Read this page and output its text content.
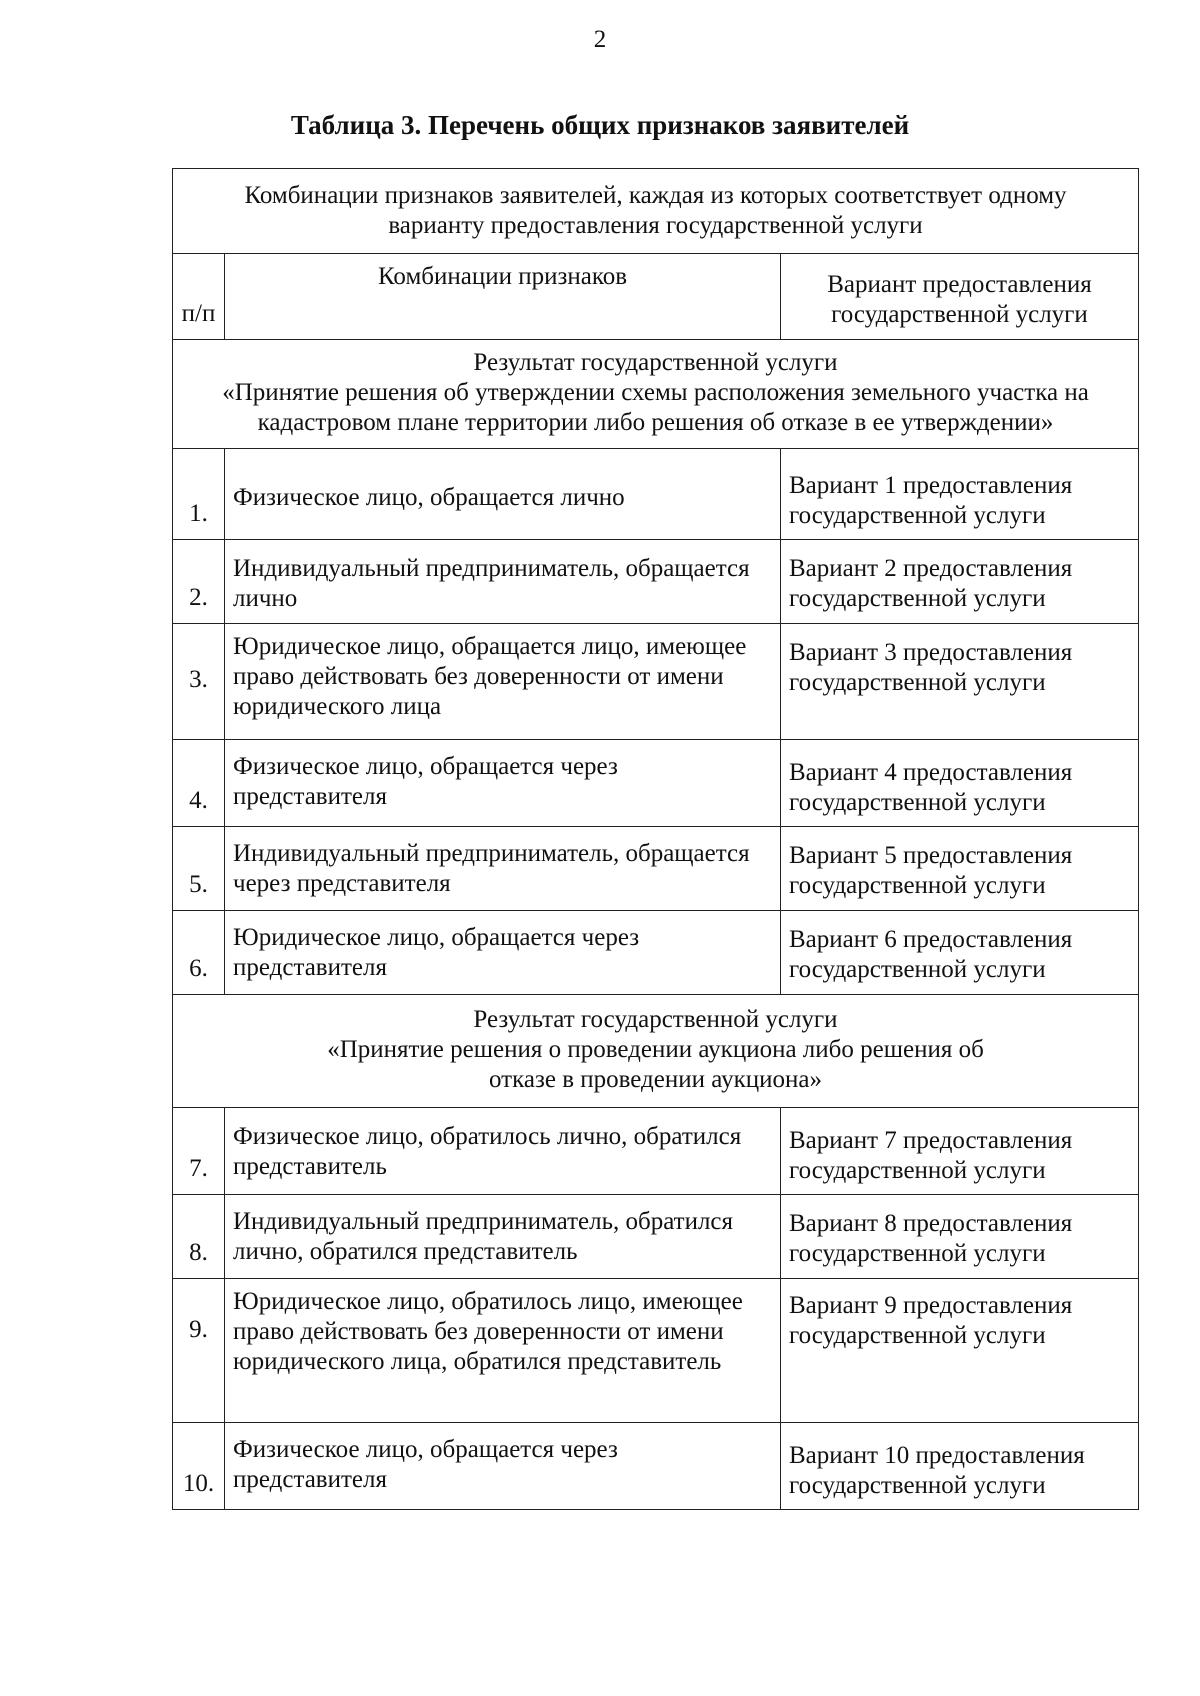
2
Таблица 3. Перечень общих признаков заявителей
Комбинации признаков заявителей, каждая из которых соответствует одному варианту предоставления государственной услуги		
п/п	Комбинации признаков	Вариант предоставления государственной услуги

Результат государственной услуги
«Принятие решения об утверждении схемы расположения земельного участка на кадастровом плане территории либо решения об отказе в ее утверждении»		

1.	Физическое лицо, обращается лично	Вариант 1 предоставления государственной услуги
2.	Индивидуальный предприниматель, обращается лично	Вариант 2 предоставления государственной услуги
3.	Юридическое лицо, обращается лицо, имеющее право действовать без доверенности от имени юридического лица	Вариант 3 предоставления государственной услуги
4.	Физическое лицо, обращается через представителя	Вариант 4 предоставления государственной услуги
5.	Индивидуальный предприниматель, обращается через представителя	Вариант 5 предоставления государственной услуги
6.	Юридическое лицо, обращается через представителя	Вариант 6 предоставления государственной услуги

Результат государственной услуги
«Принятие решения о проведении аукциона либо решения об отказе в проведении аукциона»		

7.	Физическое лицо, обратилось лично, обратился представитель	Вариант 7 предоставления государственной услуги
8.	Индивидуальный предприниматель, обратился лично, обратился представитель	Вариант 8 предоставления государственной услуги
9.	Юридическое лицо, обратилось лицо, имеющее право действовать без доверенности от имени юридического лица, обратился представитель	Вариант 9 предоставления государственной услуги
10.	Физическое лицо, обращается через представителя	Вариант 10 предоставления государственной услуги
